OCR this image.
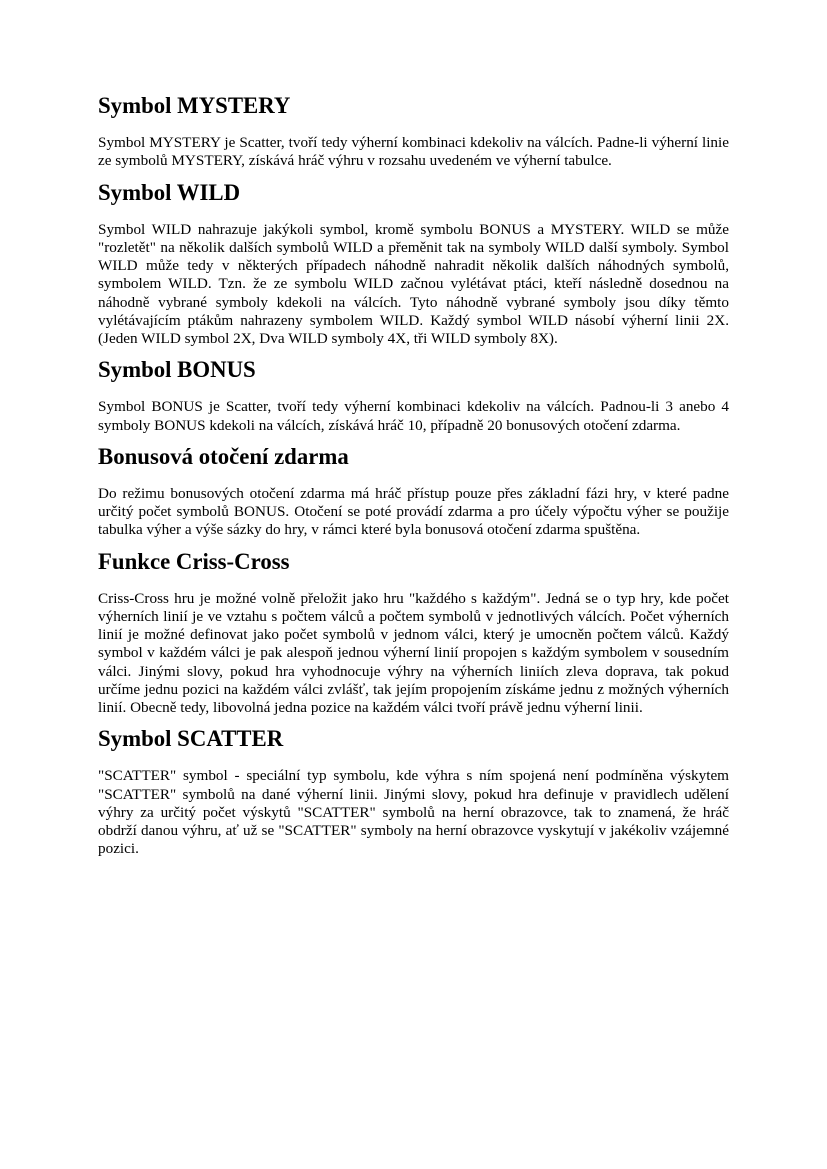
Symbol MYSTERY

Symbol MYSTERY je Scatter, tvoří tedy výherní kombinaci kdekoliv na válcích. Padne-li výherní linie ze symbolů MYSTERY, získává hráč výhru v rozsahu uvedeném ve výherní tabulce.

Symbol WILD

Symbol WILD nahrazuje jakýkoli symbol, kromě symbolu BONUS a MYSTERY. WILD se může "rozletět" na několik dalších symbolů WILD a přeměnit tak na symboly WILD další symboly. Symbol WILD může tedy v některých případech náhodně nahradit několik dalších náhodných symbolů, symbolem WILD. Tzn. že ze symbolu WILD začnou vylétávat ptáci, kteří následně dosednou na náhodně vybrané symboly kdekoli na válcích. Tyto náhodně vybrané symboly jsou díky těmto vylétávajícím ptákům nahrazeny symbolem WILD. Každý symbol WILD násobí výherní linii 2X. (Jeden WILD symbol 2X, Dva WILD symboly 4X, tři WILD symboly 8X).

Symbol BONUS

Symbol BONUS je Scatter, tvoří tedy výherní kombinaci kdekoliv na válcích. Padnou-li 3 anebo 4 symboly BONUS kdekoli na válcích, získává hráč 10, případně 20 bonusových otočení zdarma.

Bonusová otočení zdarma

Do režimu bonusových otočení zdarma má hráč přístup pouze přes základní fázi hry, v které padne určitý počet symbolů BONUS. Otočení se poté provádí zdarma a pro účely výpočtu výher se použije tabulka výher a výše sázky do hry, v rámci které byla bonusová otočení zdarma spuštěna.

Funkce Criss-Cross

Criss-Cross hru je možné volně přeložit jako hru "každého s každým". Jedná se o typ hry, kde počet výherních linií je ve vztahu s počtem válců a počtem symbolů v jednotlivých válcích. Počet výherních linií je možné definovat jako počet symbolů v jednom válci, který je umocněn počtem válců. Každý symbol v každém válci je pak alespoň jednou výherní linií propojen s každým symbolem v sousedním válci. Jinými slovy, pokud hra vyhodnocuje výhry na výherních liniích zleva doprava, tak pokud určíme jednu pozici na každém válci zvlášť, tak jejím propojením získáme jednu z možných výherních linií. Obecně tedy, libovolná jedna pozice na každém válci tvoří právě jednu výherní linii.

Symbol SCATTER

"SCATTER" symbol - speciální typ symbolu, kde výhra s ním spojená není podmíněna výskytem "SCATTER" symbolů na dané výherní linii. Jinými slovy, pokud hra definuje v pravidlech udělení výhry za určitý počet výskytů "SCATTER" symbolů na herní obrazovce, tak to znamená, že hráč obdrží danou výhru, ať už se "SCATTER" symboly na herní obrazovce vyskytují v jakékoliv vzájemné pozici.
